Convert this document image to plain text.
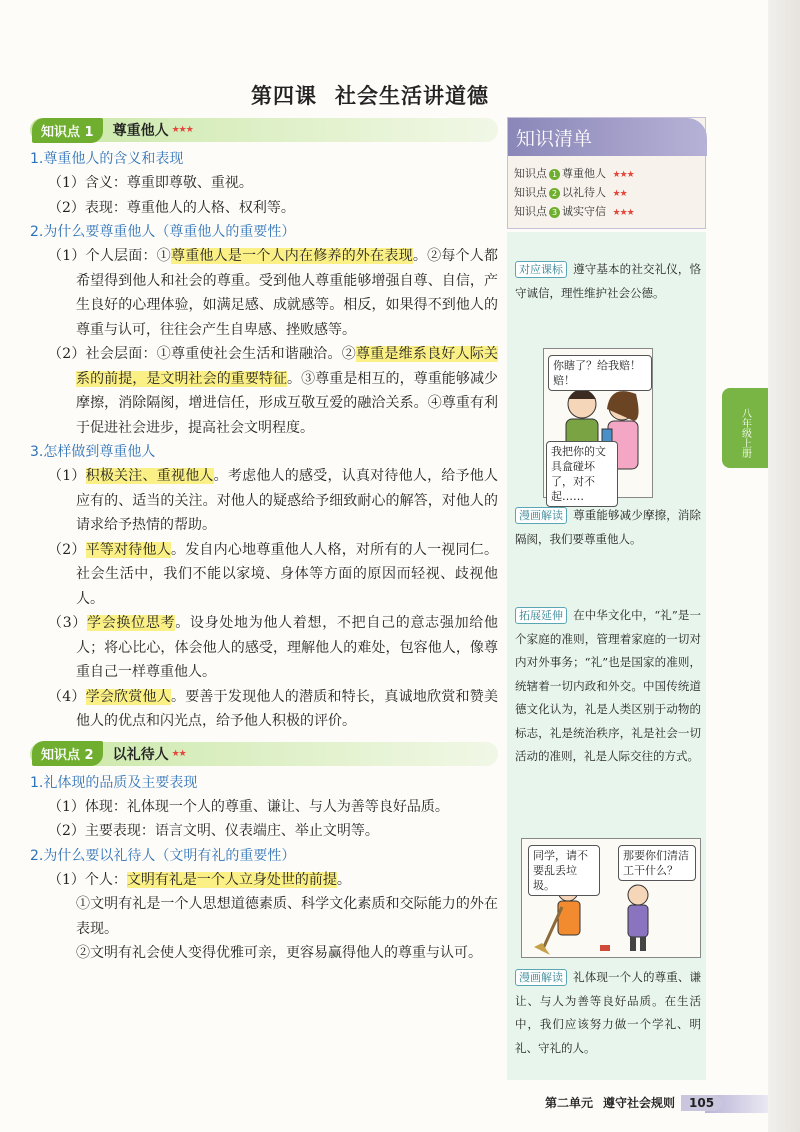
第四课 社会生活讲道德
知识点 1	尊重他人 ★★★
1.尊重他人的含义和表现
（1）含义：尊重即尊敬、重视。
（2）表现：尊重他人的人格、权利等。
2.为什么要尊重他人（尊重他人的重要性）
（1）个人层面：①尊重他人是一个人内在修养的外在表现。②每个人都希望得到他人和社会的尊重。受到他人尊重能够增强自尊、自信，产生良好的心理体验，如满足感、成就感等。相反，如果得不到他人的尊重与认可，往往会产生自卑感、挫败感等。
（2）社会层面：①尊重使社会生活和谐融洽。②尊重是维系良好人际关系的前提，是文明社会的重要特征。③尊重是相互的，尊重能够减少摩擦，消除隔阂，增进信任，形成互敬互爱的融洽关系。④尊重有利于促进社会进步，提高社会文明程度。
3.怎样做到尊重他人
（1）积极关注、重视他人。考虑他人的感受，认真对待他人，给予他人应有的、适当的关注。对他人的疑惑给予细致耐心的解答，对他人的请求给予热情的帮助。
（2）平等对待他人。发自内心地尊重他人人格，对所有的人一视同仁。社会生活中，我们不能以家境、身体等方面的原因而轻视、歧视他人。
（3）学会换位思考。设身处地为他人着想，不把自己的意志强加给他人；将心比心，体会他人的感受，理解他人的难处，包容他人，像尊重自己一样尊重他人。
（4）学会欣赏他人。要善于发现他人的潜质和特长，真诚地欣赏和赞美他人的优点和闪光点，给予他人积极的评价。
知识点 2	以礼待人 ★★
1.礼体现的品质及主要表现
（1）体现：礼体现一个人的尊重、谦让、与人为善等良好品质。
（2）主要表现：语言文明、仪表端庄、举止文明等。
2.为什么要以礼待人（文明有礼的重要性）
（1）个人：文明有礼是一个人立身处世的前提。
①文明有礼是一个人思想道德素质、科学文化素质和交际能力的外在表现。
②文明有礼会使人变得优雅可亲，更容易赢得他人的尊重与认可。
知识清单
知识点 1 尊重他人 ★★★
知识点 2 以礼待人 ★★
知识点 3 诚实守信 ★★★
对应课标 遵守基本的社交礼仪，恪守诚信，理性维护社会公德。
你瞎了？给我赔！赔！
我把你的文具盒碰坏了，对不起……
漫画解读 尊重能够减少摩擦，消除隔阂，我们要尊重他人。
拓展延伸 在中华文化中，“礼”是一个家庭的准则，管理着家庭的一切对内对外事务；“礼”也是国家的准则，统辖着一切内政和外交。中国传统道德文化认为，礼是人类区别于动物的标志，礼是统治秩序，礼是社会一切活动的准则，礼是人际交往的方式。
同学，请不要乱丢垃圾。
那要你们清洁工干什么？
漫画解读 礼体现一个人的尊重、谦让、与人为善等良好品质。在生活中，我们应该努力做一个学礼、明礼、守礼的人。
八年级上册
第二单元 遵守社会规则	105
